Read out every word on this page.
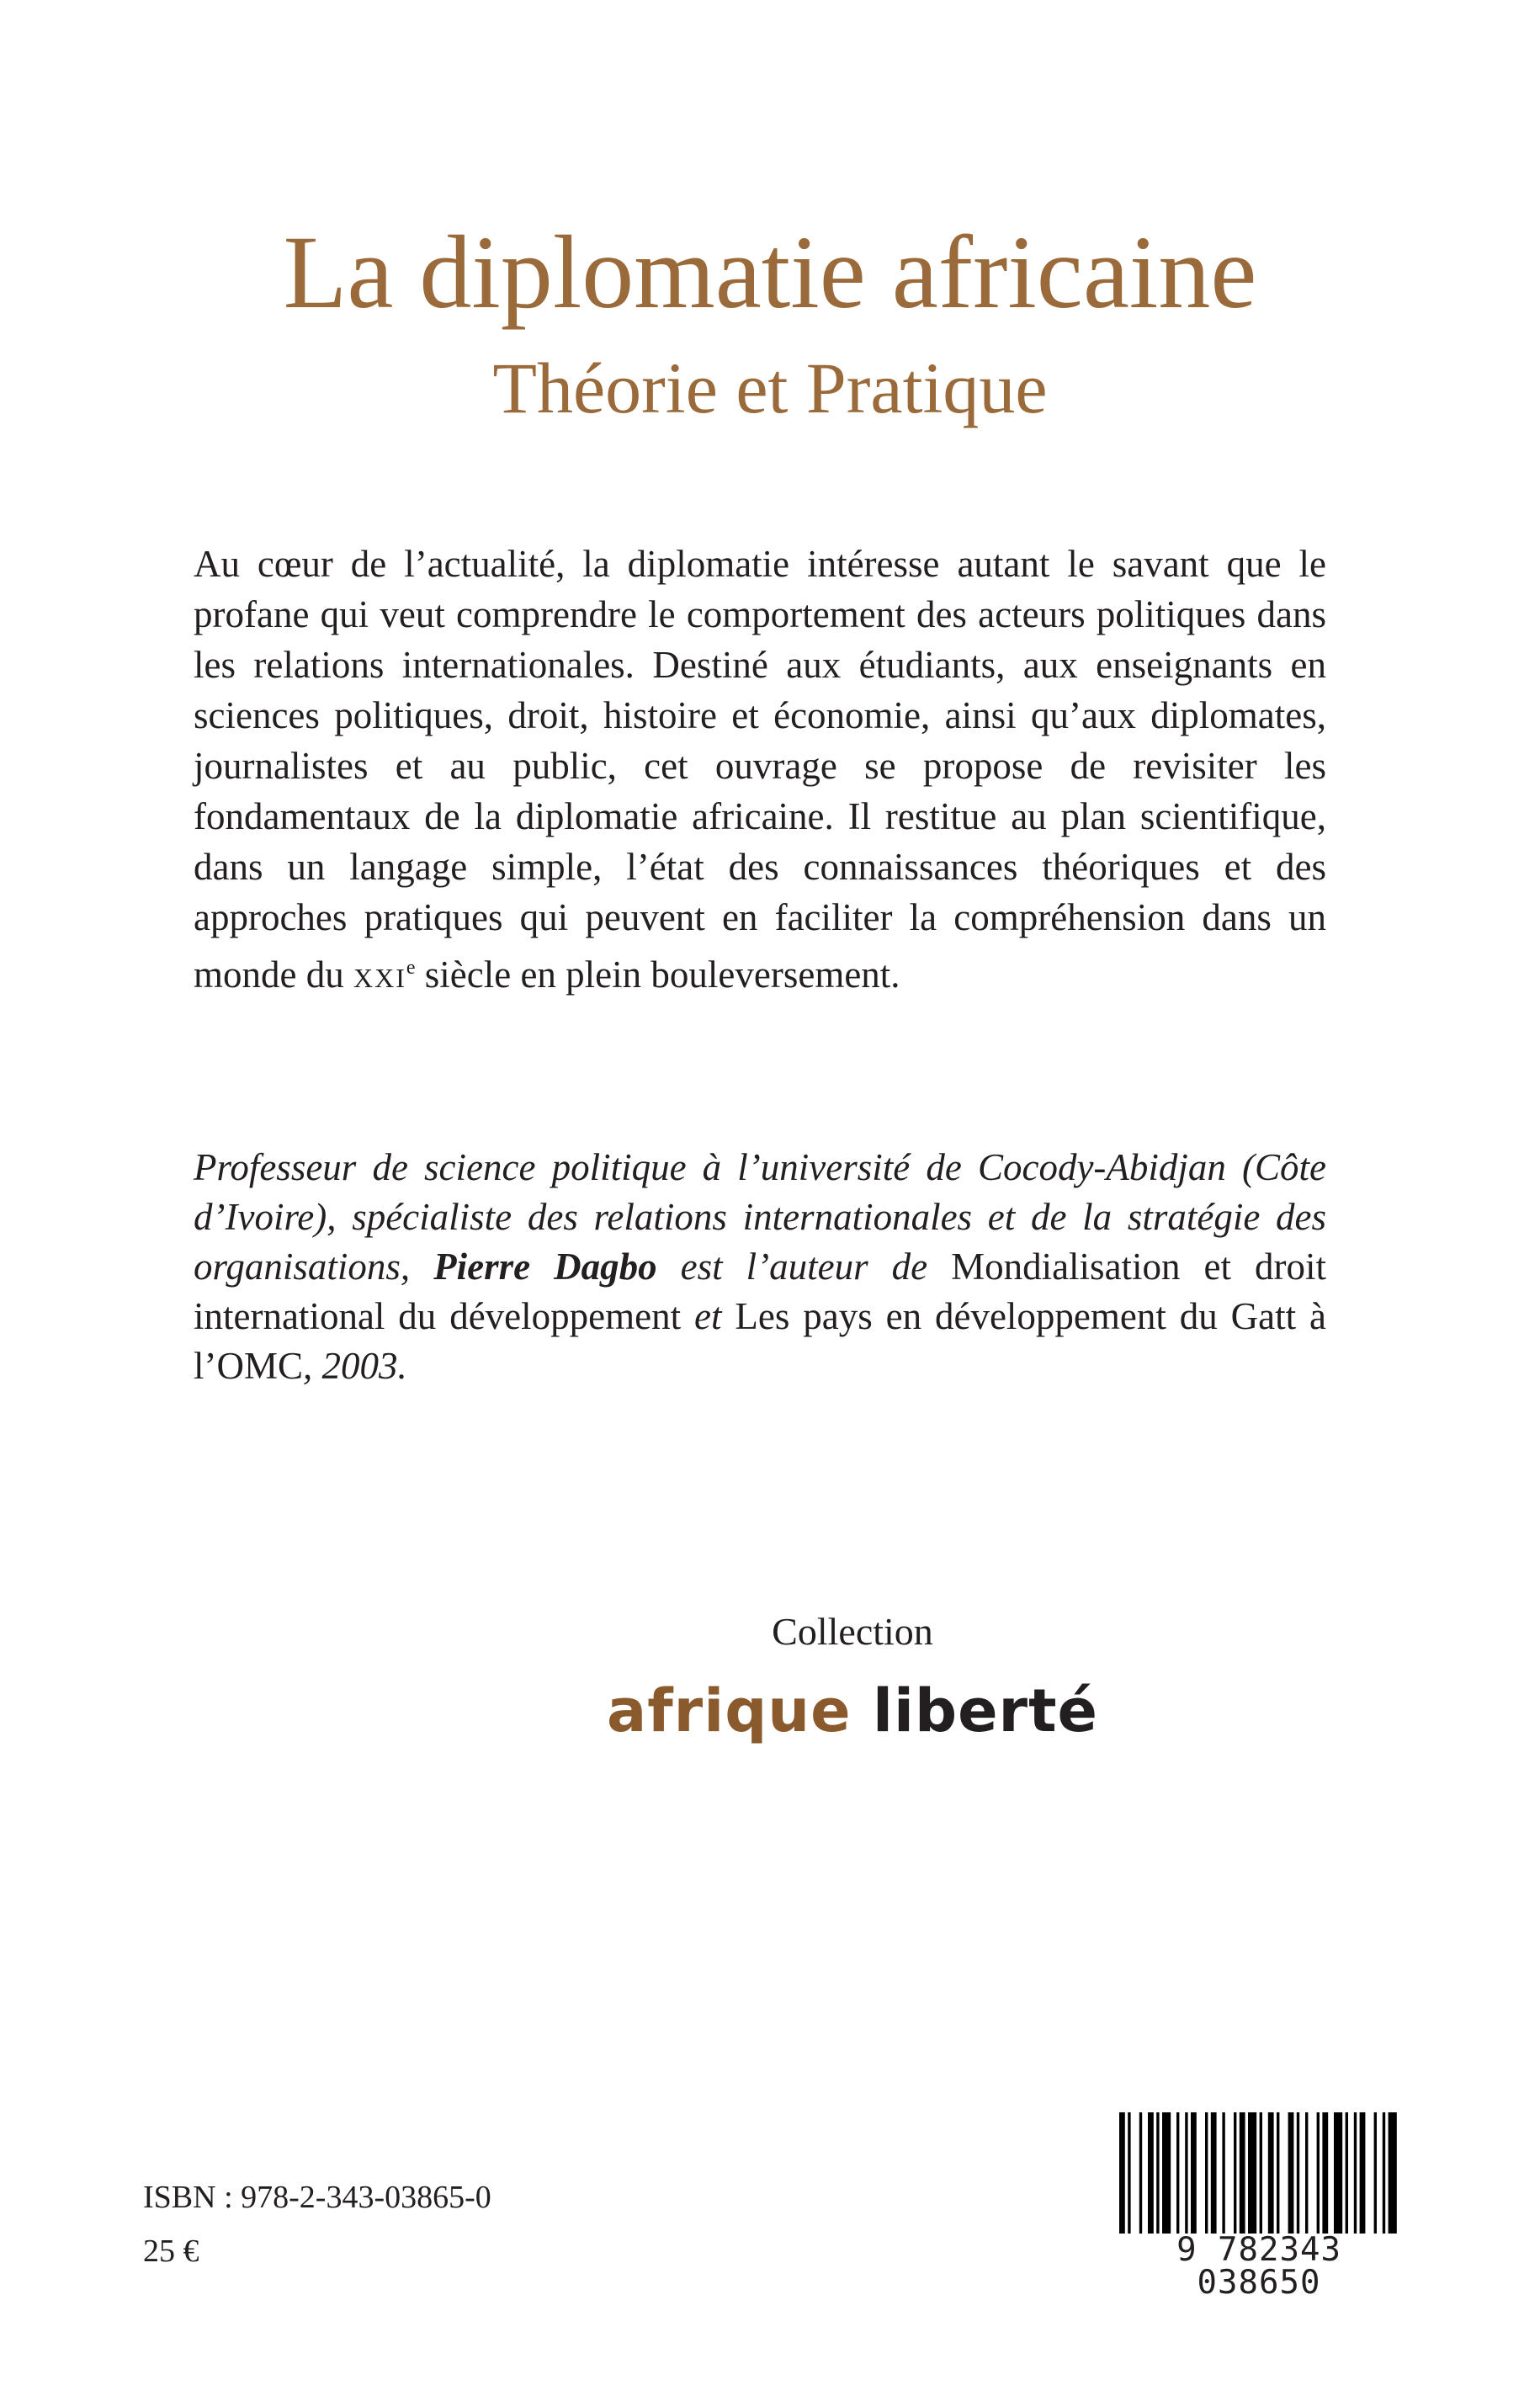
La diplomatie africaine
Théorie et Pratique

Au cœur de l’actualité, la diplomatie intéresse autant le savant que le profane qui veut comprendre le comportement des acteurs politiques dans les relations internationales. Destiné aux étudiants, aux enseignants en sciences politiques, droit, histoire et économie, ainsi qu’aux diplomates, journalistes et au public, cet ouvrage se propose de revisiter les fondamentaux de la diplomatie africaine. Il restitue au plan scientifique, dans un langage simple, l’état des connaissances théoriques et des approches pratiques qui peuvent en faciliter la compréhension dans un monde du xxi$^e$ siècle en plein bouleversement.

Professeur de science politique à l’université de Cocody-Abidjan (Côte d’Ivoire), spécialiste des relations internationales et de la stratégie des organisations, Pierre Dagbo est l’auteur de Mondialisation et droit international du développement et Les pays en développement du Gatt à l’OMC, 2003.

Collection
afrique liberté
ISBN : 978-2-343-03865-0
25 €	9 782343 038650
